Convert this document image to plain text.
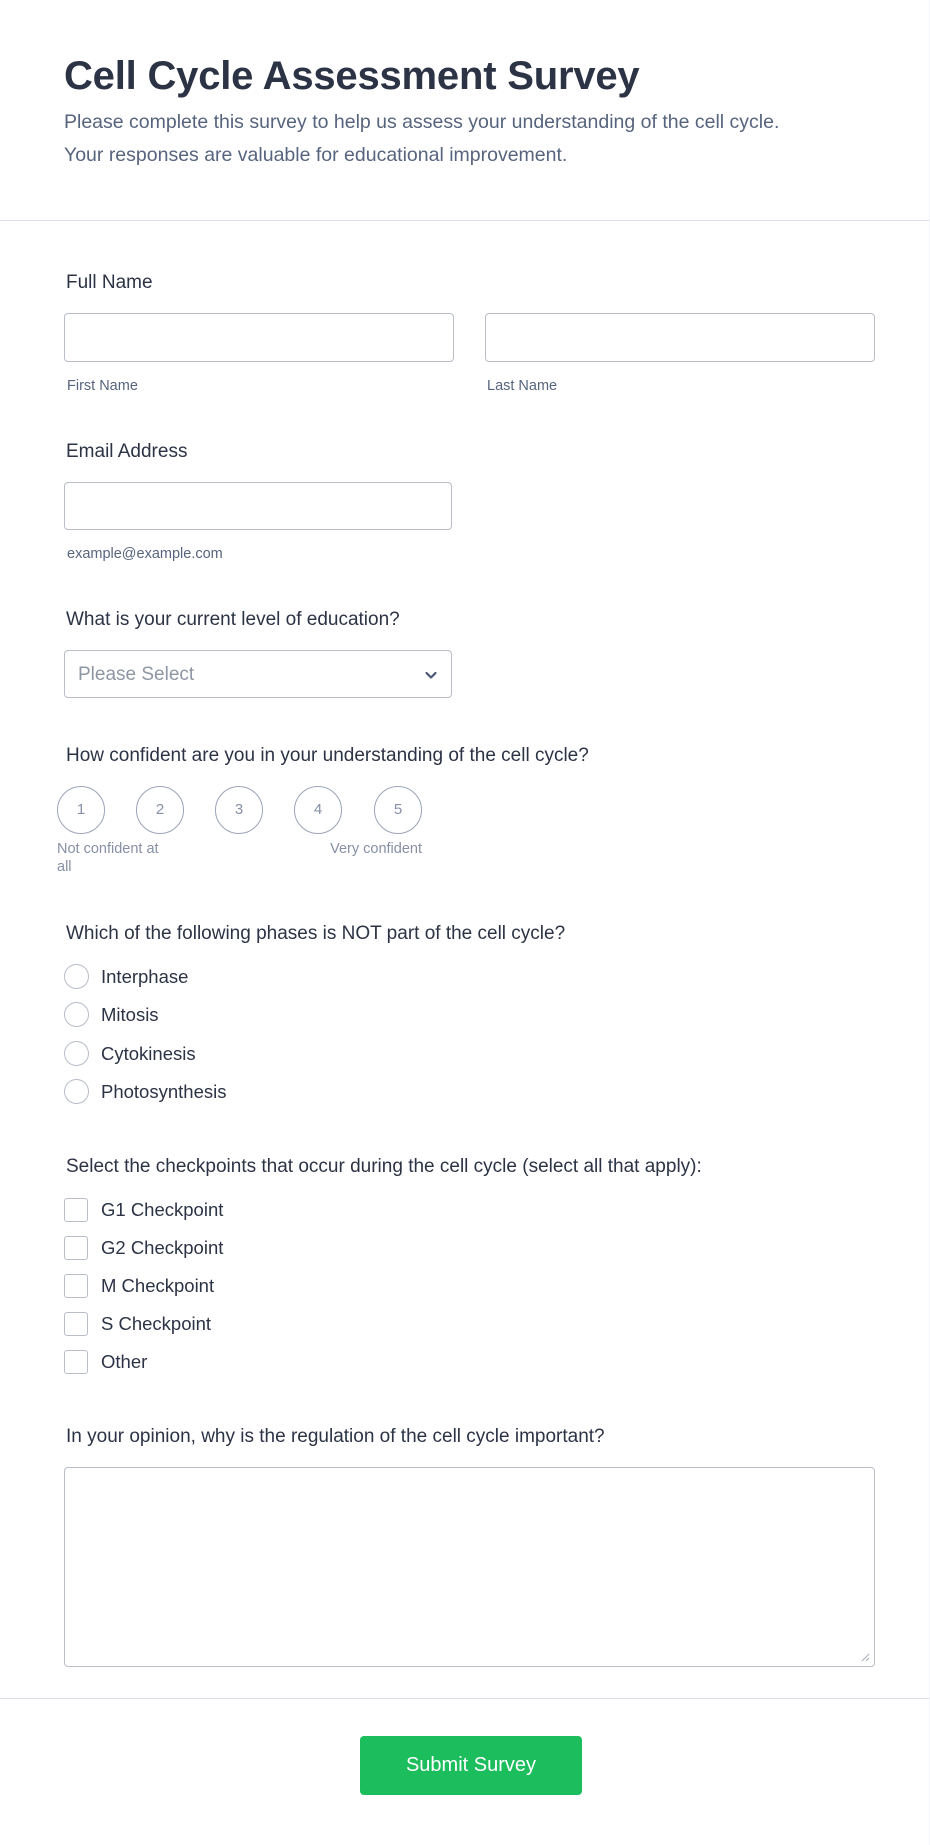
Cell Cycle Assessment Survey
Please complete this survey to help us assess your understanding of the cell cycle.
Your responses are valuable for educational improvement.
Full Name
First Name	Last Name
Email Address
example@example.com
What is your current level of education?
Please Select
How confident are you in your understanding of the cell cycle?
1	2	3	4	5
Not confident at all
Very confident
Which of the following phases is NOT part of the cell cycle?
Interphase
Mitosis
Cytokinesis
Photosynthesis
Select the checkpoints that occur during the cell cycle (select all that apply):
G1 Checkpoint
G2 Checkpoint
M Checkpoint
S Checkpoint
Other
In your opinion, why is the regulation of the cell cycle important?
Submit Survey
